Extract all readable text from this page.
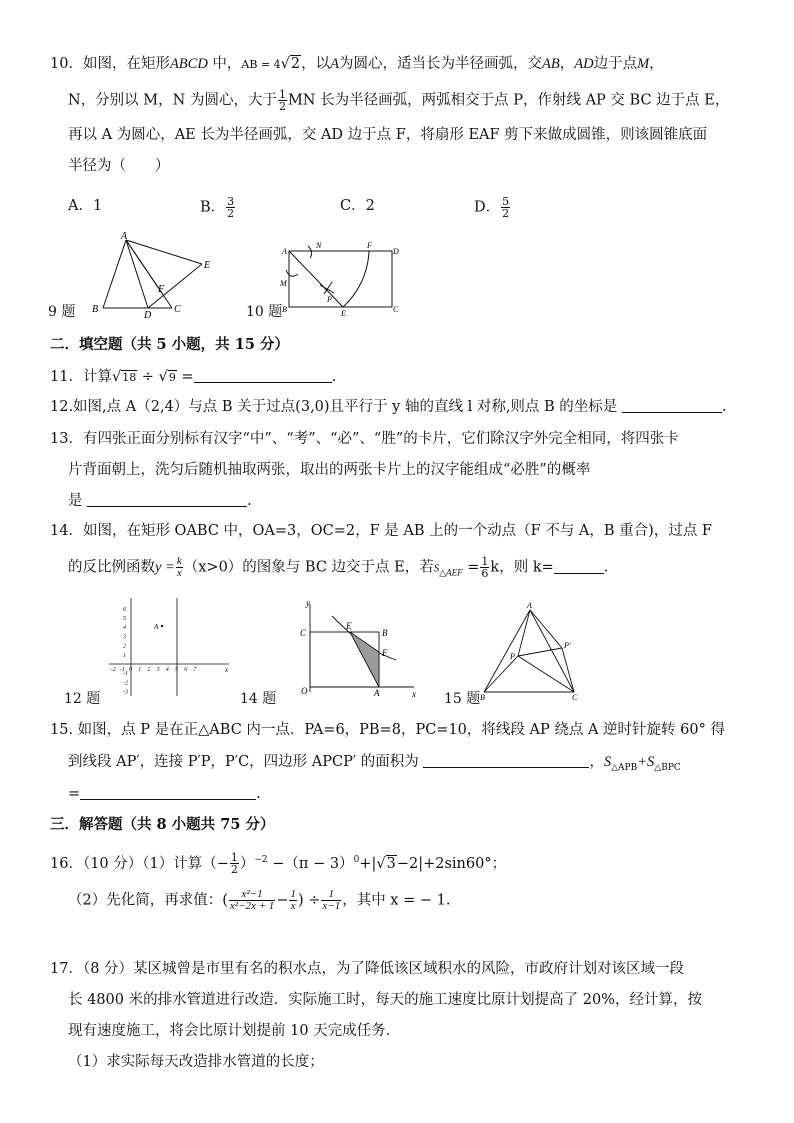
10．如图，在矩形ABCD 中，AB = 4√2，以A为圆心，适当长为半径画弧，交AB，AD边于点M，
N，分别以 M，N 为圆心，大于 $\frac{1}{2}$ MN 长为半径画弧，两弧相交于点 P，作射线 AP 交 BC 边于点 E，
再以 A 为圆心，AE 长为半径画弧，交 AD 边于点 F，将扇形 EAF 剪下来做成圆锥，则该圆锥底面
半径为（　　）
A．1	B． $\frac{3}{2}$	C．2	D． $\frac{5}{2}$
A
B	C
D
E
F
9 题
A
N	F
D
M
B	E
P
C
10 题
二．填空题（共 5 小题，共 15 分）
11．计算√18 ÷ √9 =	.
12.如图,点 A（2,4）与点 B 关于过点(3,0)且平行于 y 轴的直线 l 对称,则点 B 的坐标是	.
13．有四张正面分别标有汉字“中”、“考”、“必”、“胜”的卡片，它们除汉字外完全相同，将四张卡
片背面朝上，洗匀后随机抽取两张，取出的两张卡片上的汉字能组成“必胜”的概率
是	.
14．如图，在矩形 OABC 中，OA=3，OC=2，F 是 AB 上的一个动点（F 不与 A，B 重合)，过点 F
的反比例函数$y = \frac{k}{x} (x>0)$的图象与 BC 边交于点 E，若$S_{\triangle AEF} = \frac{1}{6}$ k，则 k=	.
6
5
4
3
2
1
-1
-2
-3
-2 -1 0 1 2 3 4 5 6 7
A
x
12 题
y
x
C
E
B
F
O	A
14 题
A
P
P′
B	C
15 题
15. 如图，点 P 是在正△ABC 内一点．PA=6，PB=8，PC=10，将线段 AP 绕点 A 逆时针旋转 60° 得
到线段 AP′，连接 P′P，P′C，四边形 APCP′ 的面积为	，$S_{\triangle APB}+S_{\triangle BPC}$
=	.
三．解答题（共 8 小题共 75 分）
16．（10 分）（1）计算（− $\frac{1}{2} )^{-2} -(\pi - 3)^0+|√3-2|+2\sin 60^\circ$；
（2）先化简，再求值：( $\frac{\text{x²−1}}{\text{x²−2x + 1}} - \frac{1}{x}$ ) ÷ $\frac{1}{x-1}$ ，其中 x = − 1.
17．（8 分）某区城曾是市里有名的积水点，为了降低该区域积水的风险，市政府计划对该区域一段
长 4800 米的排水管道进行改造．实际施工时，每天的施工速度比原计划提高了 20%，经计算，按
现有速度施工，将会比原计划提前 10 天完成任务．
（1）求实际每天改造排水管道的长度；
